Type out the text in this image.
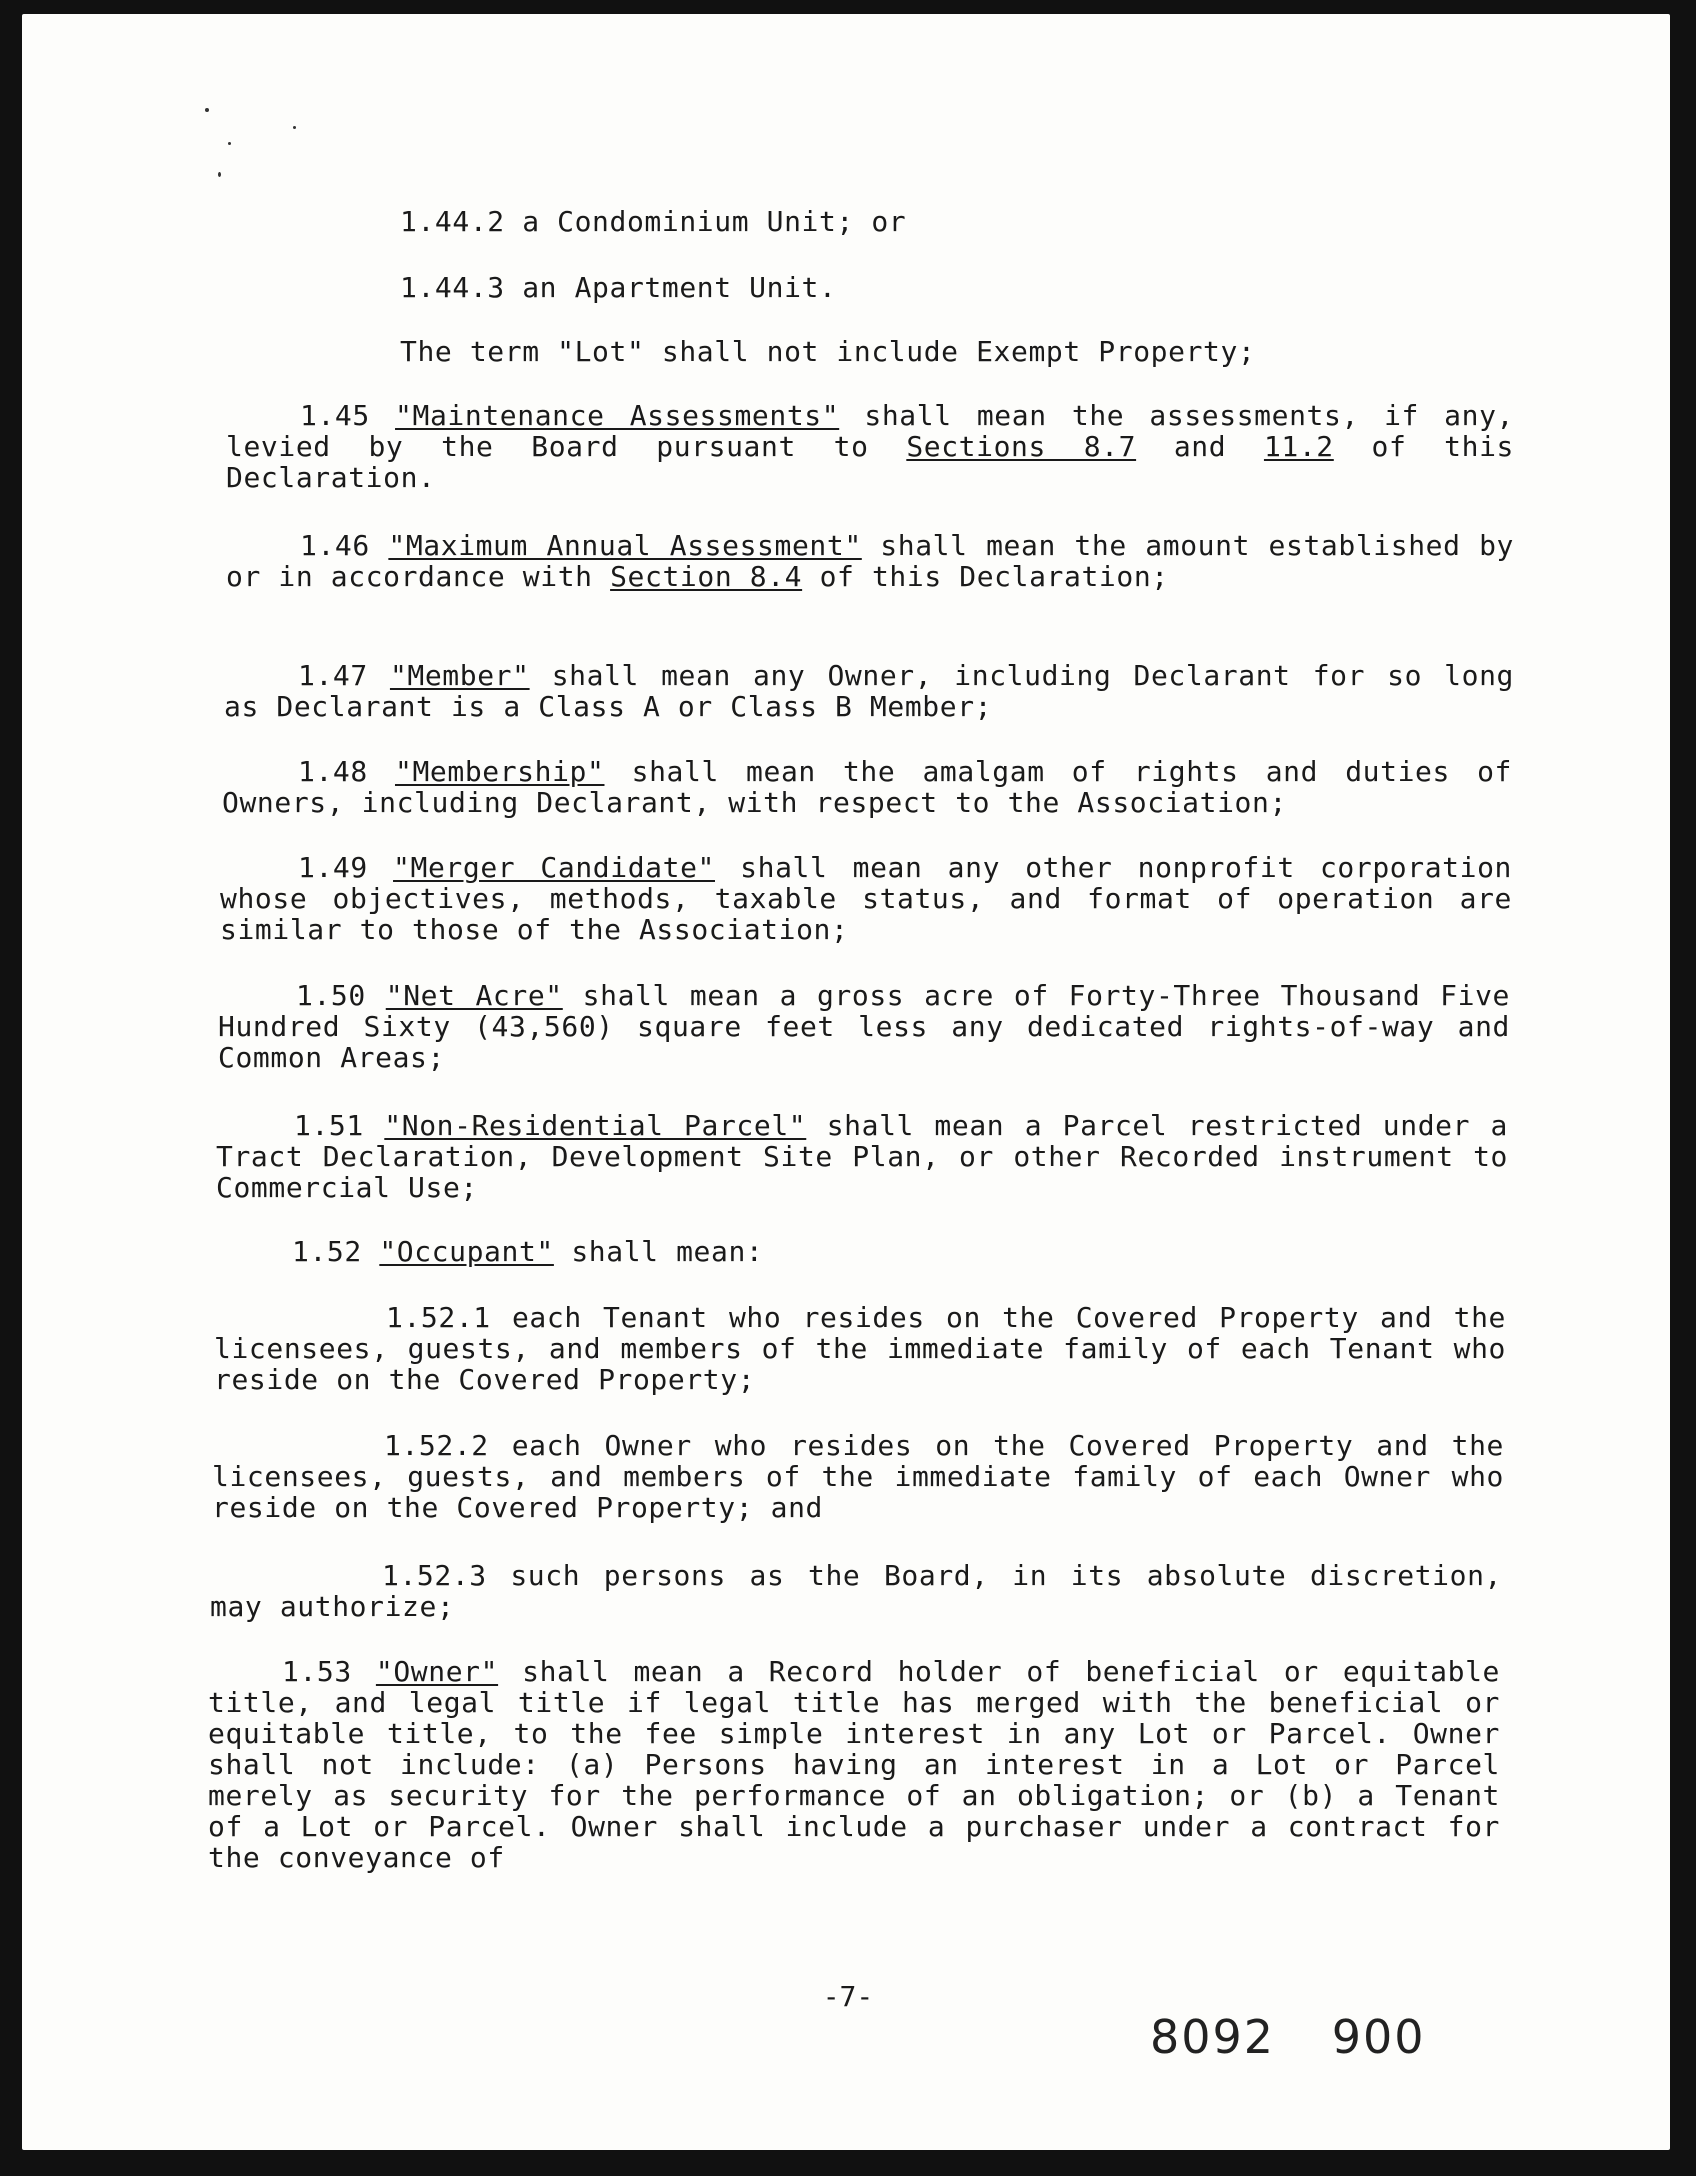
1.44.2 a Condominium Unit; or
1.44.3 an Apartment Unit.
The term "Lot" shall not include Exempt Property;
1.45 "Maintenance Assessments" shall mean the assessments, if any, levied by the Board pursuant to Sections 8.7 and 11.2 of this Declaration.
1.46 "Maximum Annual Assessment" shall mean the amount established by or in accordance with Section 8.4 of this Declaration;
1.47 "Member" shall mean any Owner, including Declarant for so long as Declarant is a Class A or Class B Member;
1.48 "Membership" shall mean the amalgam of rights and duties of Owners, including Declarant, with respect to the Association;
1.49 "Merger Candidate" shall mean any other nonprofit corporation whose objectives, methods, taxable status, and format of operation are similar to those of the Association;
1.50 "Net Acre" shall mean a gross acre of Forty-Three Thousand Five Hundred Sixty (43,560) square feet less any dedicated rights-of-way and Common Areas;
1.51 "Non-Residential Parcel" shall mean a Parcel restricted under a Tract Declaration, Development Site Plan, or other Recorded instrument to Commercial Use;
1.52 "Occupant" shall mean:
1.52.1 each Tenant who resides on the Covered Property and the licensees, guests, and members of the immediate family of each Tenant who reside on the Covered Property;
1.52.2 each Owner who resides on the Covered Property and the licensees, guests, and members of the immediate family of each Owner who reside on the Covered Property; and
1.52.3 such persons as the Board, in its absolute discretion, may authorize;
1.53 "Owner" shall mean a Record holder of beneficial or equitable title, and legal title if legal title has merged with the beneficial or equitable title, to the fee simple interest in any Lot or Parcel. Owner shall not include: (a) Persons having an interest in a Lot or Parcel merely as security for the performance of an obligation; or (b) a Tenant of a Lot or Parcel. Owner shall include a purchaser under a contract for the conveyance of
-7-
8092 900
